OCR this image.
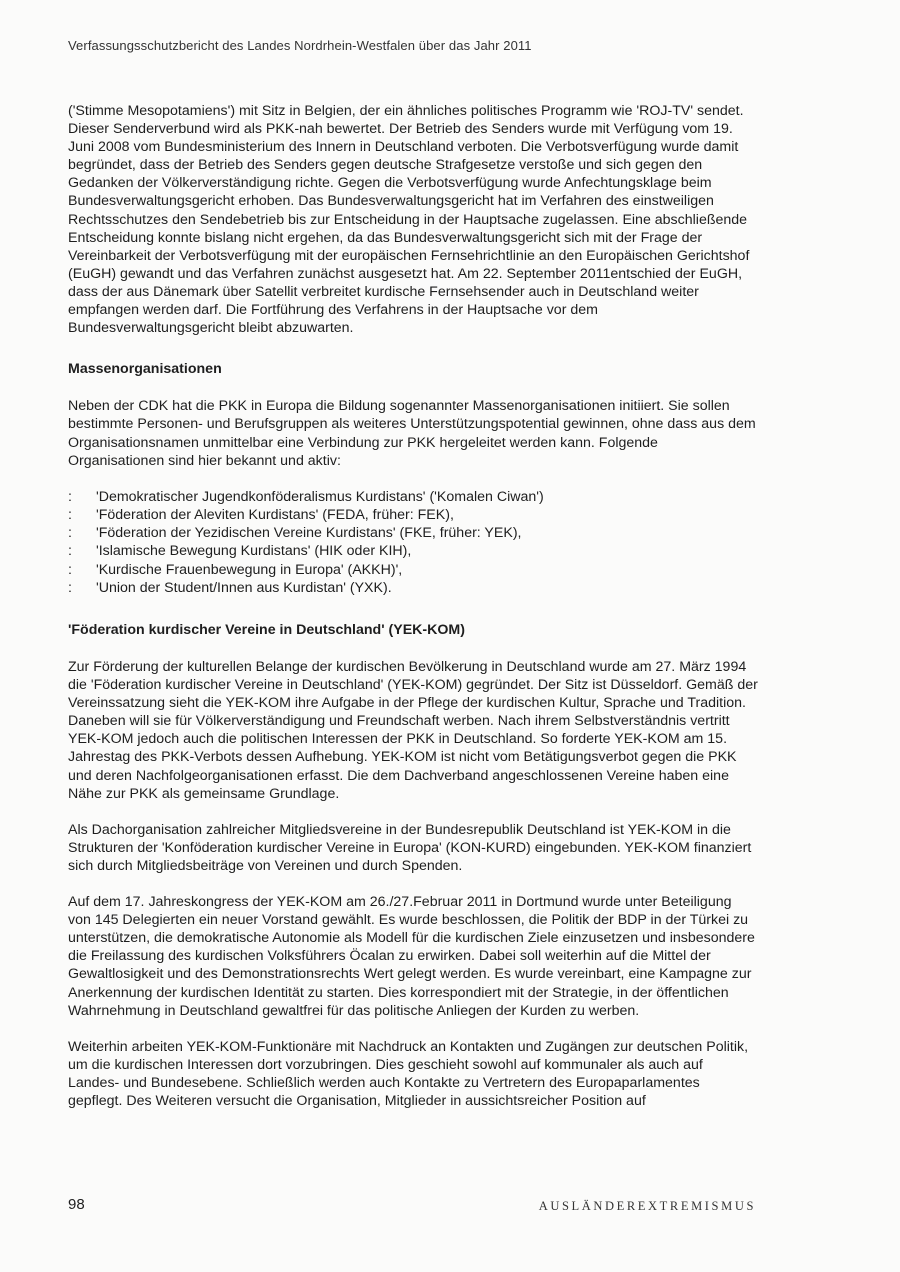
Verfassungsschutzbericht des Landes Nordrhein-Westfalen über das Jahr 2011

('Stimme Mesopotamiens') mit Sitz in Belgien, der ein ähnliches politisches Programm wie 'ROJ-TV' sendet. Dieser Senderverbund wird als PKK-nah bewertet. Der Betrieb des Senders wurde mit Verfügung vom 19. Juni 2008 vom Bundesministerium des Innern in Deutschland verboten. Die Verbotsverfügung wurde damit begründet, dass der Betrieb des Senders gegen deutsche Strafgesetze verstoße und sich gegen den Gedanken der Völkerverständigung richte. Gegen die Verbotsverfügung wurde Anfechtungsklage beim Bundesverwaltungsgericht erhoben. Das Bundesverwaltungsgericht hat im Verfahren des einstweiligen Rechtsschutzes den Sendebetrieb bis zur Entscheidung in der Hauptsache zugelassen. Eine abschließende Entscheidung konnte bislang nicht ergehen, da das Bundesverwaltungsgericht sich mit der Frage der Vereinbarkeit der Verbotsverfügung mit der europäischen Fernsehrichtlinie an den Europäischen Gerichtshof (EuGH) gewandt und das Verfahren zunächst ausgesetzt hat. Am 22. September 2011entschied der EuGH, dass der aus Dänemark über Satellit verbreitet kurdische Fernsehsender auch in Deutschland weiter empfangen werden darf. Die Fortführung des Verfahrens in der Hauptsache vor dem Bundesverwaltungsgericht bleibt abzuwarten.

Massenorganisationen

Neben der CDK hat die PKK in Europa die Bildung sogenannter Massenorganisationen initiiert. Sie sollen bestimmte Personen- und Berufsgruppen als weiteres Unterstützungspotential gewinnen, ohne dass aus dem Organisationsnamen unmittelbar eine Verbindung zur PKK hergeleitet werden kann. Folgende Organisationen sind hier bekannt und aktiv:

:	'Demokratischer Jugendkonföderalismus Kurdistans' ('Komalen Ciwan')
:	'Föderation der Aleviten Kurdistans' (FEDA, früher: FEK),
:	'Föderation der Yezidischen Vereine Kurdistans' (FKE, früher: YEK),
:	'Islamische Bewegung Kurdistans' (HIK oder KIH),
:	'Kurdische Frauenbewegung in Europa' (AKKH)',
:	'Union der Student/Innen aus Kurdistan' (YXK).
'Föderation kurdischer Vereine in Deutschland' (YEK-KOM)

Zur Förderung der kulturellen Belange der kurdischen Bevölkerung in Deutschland wurde am 27. März 1994 die 'Föderation kurdischer Vereine in Deutschland' (YEK-KOM) gegründet. Der Sitz ist Düsseldorf. Gemäß der Vereinssatzung sieht die YEK-KOM ihre Aufgabe in der Pflege der kurdischen Kultur, Sprache und Tradition. Daneben will sie für Völkerverständigung und Freundschaft werben. Nach ihrem Selbstverständnis vertritt YEK-KOM jedoch auch die politischen Interessen der PKK in Deutschland. So forderte YEK-KOM am 15. Jahrestag des PKK-Verbots dessen Aufhebung. YEK-KOM ist nicht vom Betätigungsverbot gegen die PKK und deren Nachfolgeorganisationen erfasst. Die dem Dachverband angeschlossenen Vereine haben eine Nähe zur PKK als gemeinsame Grundlage.

Als Dachorganisation zahlreicher Mitgliedsvereine in der Bundesrepublik Deutschland ist YEK-KOM in die Strukturen der 'Konföderation kurdischer Vereine in Europa' (KON-KURD) eingebunden. YEK-KOM finanziert sich durch Mitgliedsbeiträge von Vereinen und durch Spenden.

Auf dem 17. Jahreskongress der YEK-KOM am 26./27.Februar 2011 in Dortmund wurde unter Beteiligung von 145 Delegierten ein neuer Vorstand gewählt. Es wurde beschlossen, die Politik der BDP in der Türkei zu unterstützen, die demokratische Autonomie als Modell für die kurdischen Ziele einzusetzen und insbesondere die Freilassung des kurdischen Volksführers Öcalan zu erwirken. Dabei soll weiterhin auf die Mittel der Gewaltlosigkeit und des Demonstrationsrechts Wert gelegt werden. Es wurde vereinbart, eine Kampagne zur Anerkennung der kurdischen Identität zu starten. Dies korrespondiert mit der Strategie, in der öffentlichen Wahrnehmung in Deutschland gewaltfrei für das politische Anliegen der Kurden zu werben.

Weiterhin arbeiten YEK-KOM-Funktionäre mit Nachdruck an Kontakten und Zugängen zur deutschen Politik, um die kurdischen Interessen dort vorzubringen. Dies geschieht sowohl auf kommunaler als auch auf Landes- und Bundesebene. Schließlich werden auch Kontakte zu Vertretern des Europaparlamentes gepflegt. Des Weiteren versucht die Organisation, Mitglieder in aussichtsreicher Position auf

98	AUSLÄNDEREXTREMISMUS
